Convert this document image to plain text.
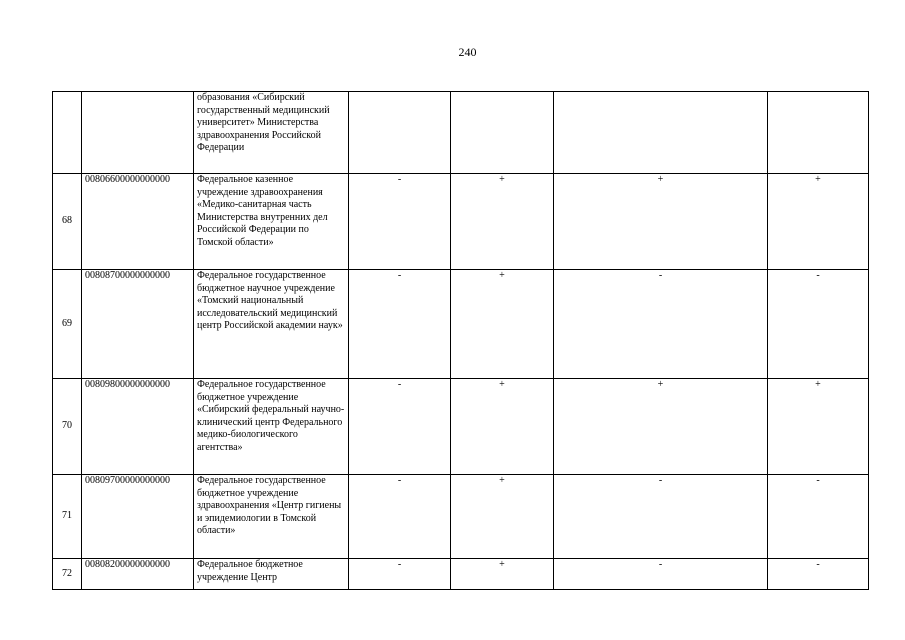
240
		образования «Сибирский государственный медицинский университет» Министерства здравоохранения Российской Федерации				
68	00806600000000000	Федеральное казенное учреждение здравоохранения «Медико-санитарная часть Министерства внутренних дел Российской Федерации по Томской области»	-	+	+	+
69	00808700000000000	Федеральное государственное бюджетное научное учреждение «Томский национальный исследовательский медицинский центр Российской академии наук»	-	+	-	-
70	00809800000000000	Федеральное государственное бюджетное учреждение «Сибирский федеральный научно-клинический центр Федерального медико-биологического агентства»	-	+	+	+
71	00809700000000000	Федеральное государственное бюджетное учреждение здравоохранения «Центр гигиены и эпидемиологии в Томской области»	-	+	-	-
72	00808200000000000	Федеральное бюджетное учреждение Центр	-	+	-	-
